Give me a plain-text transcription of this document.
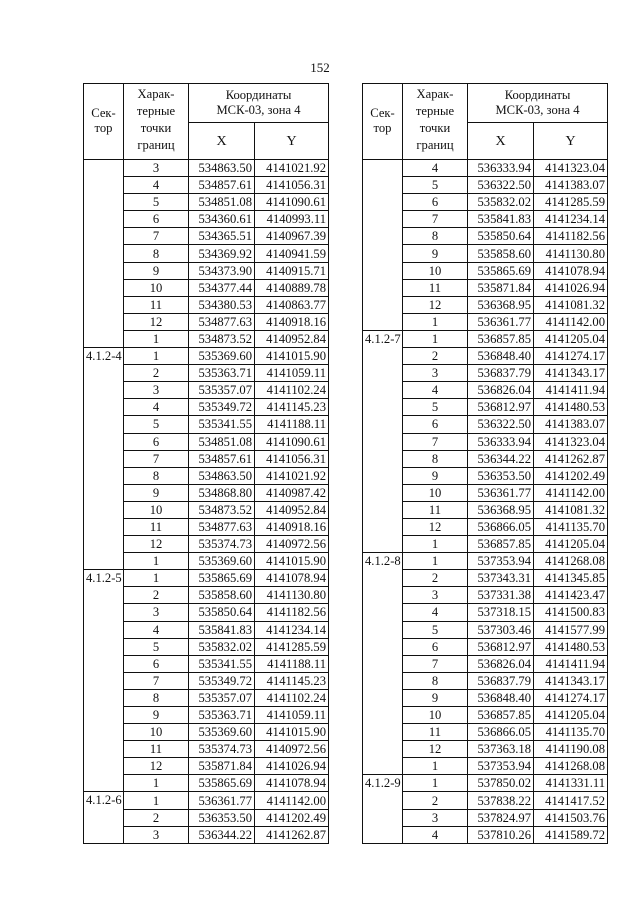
152
Сек-
тор	Харак-
терные
точки
границ	Координаты
МСК-03, зона 4	
		X	Y
	3	534863.50	4141021.92
	4	534857.61	4141056.31
	5	534851.08	4141090.61
	6	534360.61	4140993.11
	7	534365.51	4140967.39
	8	534369.92	4140941.59
	9	534373.90	4140915.71
	10	534377.44	4140889.78
	11	534380.53	4140863.77
	12	534877.63	4140918.16
	1	534873.52	4140952.84
4.1.2-4	1	535369.60	4141015.90
	2	535363.71	4141059.11
	3	535357.07	4141102.24
	4	535349.72	4141145.23
	5	535341.55	4141188.11
	6	534851.08	4141090.61
	7	534857.61	4141056.31
	8	534863.50	4141021.92
	9	534868.80	4140987.42
	10	534873.52	4140952.84
	11	534877.63	4140918.16
	12	535374.73	4140972.56
	1	535369.60	4141015.90
4.1.2-5	1	535865.69	4141078.94
	2	535858.60	4141130.80
	3	535850.64	4141182.56
	4	535841.83	4141234.14
	5	535832.02	4141285.59
	6	535341.55	4141188.11
	7	535349.72	4141145.23
	8	535357.07	4141102.24
	9	535363.71	4141059.11
	10	535369.60	4141015.90
	11	535374.73	4140972.56
	12	535871.84	4141026.94
	1	535865.69	4141078.94
4.1.2-6	1	536361.77	4141142.00
	2	536353.50	4141202.49
	3	536344.22	4141262.87
Сек-
тор	Харак-
терные
точки
границ	Координаты
МСК-03, зона 4	
		X	Y
	4	536333.94	4141323.04
	5	536322.50	4141383.07
	6	535832.02	4141285.59
	7	535841.83	4141234.14
	8	535850.64	4141182.56
	9	535858.60	4141130.80
	10	535865.69	4141078.94
	11	535871.84	4141026.94
	12	536368.95	4141081.32
	1	536361.77	4141142.00
4.1.2-7	1	536857.85	4141205.04
	2	536848.40	4141274.17
	3	536837.79	4141343.17
	4	536826.04	4141411.94
	5	536812.97	4141480.53
	6	536322.50	4141383.07
	7	536333.94	4141323.04
	8	536344.22	4141262.87
	9	536353.50	4141202.49
	10	536361.77	4141142.00
	11	536368.95	4141081.32
	12	536866.05	4141135.70
	1	536857.85	4141205.04
4.1.2-8	1	537353.94	4141268.08
	2	537343.31	4141345.85
	3	537331.38	4141423.47
	4	537318.15	4141500.83
	5	537303.46	4141577.99
	6	536812.97	4141480.53
	7	536826.04	4141411.94
	8	536837.79	4141343.17
	9	536848.40	4141274.17
	10	536857.85	4141205.04
	11	536866.05	4141135.70
	12	537363.18	4141190.08
	1	537353.94	4141268.08
4.1.2-9	1	537850.02	4141331.11
	2	537838.22	4141417.52
	3	537824.97	4141503.76
	4	537810.26	4141589.72
